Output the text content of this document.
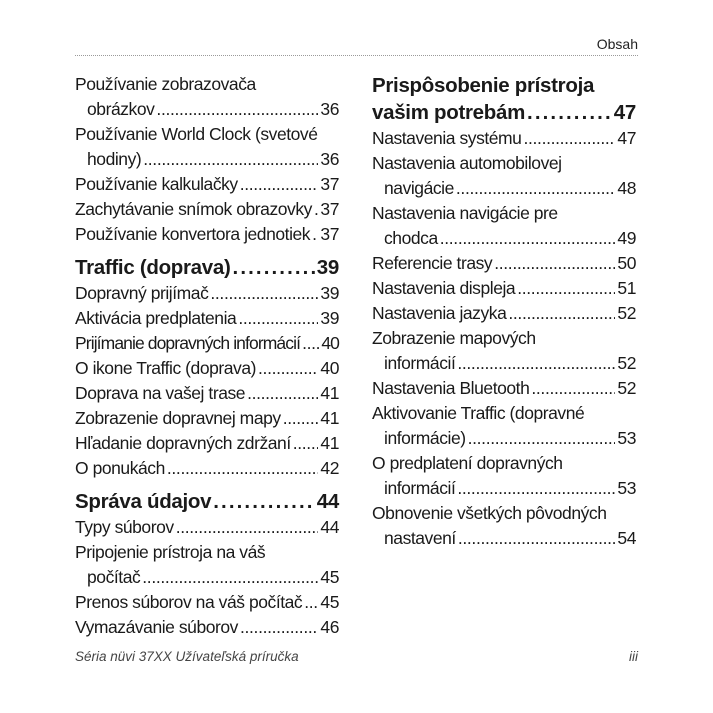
Obsah
Používanie zobrazovača
obrázkov . . .	36
Používanie World Clock (svetové
hodiny) . . .	36
Používanie kalkulačky . . .	37
Zachytávanie snímok obrazovky . . . 37
Používanie konvertora jednotiek . . . 37
Traffic (doprava) . . .	39
Dopravný prijímač . . .	39
Aktivácia predplatenia . . .	39
Prijímanie dopravných informácií . . . 40
O ikone Traffic (doprava) . . .	40
Doprava na vašej trase . . .	41
Zobrazenie dopravnej mapy . . . 41
Hľadanie dopravných zdržaní . . . 41
O ponukách . . .	42
Správa údajov . . .	44
Typy súborov . . .	44
Pripojenie prístroja na váš
počítač . . .	45
Prenos súborov na váš počítač . . . 45
Vymazávanie súborov . . .	46
Prispôsobenie prístroja
vašim potrebám . . .	47
Nastavenia systému . . .	47
Nastavenia automobilovej
navigácie . . .	48
Nastavenia navigácie pre
chodca . . .	49
Referencie trasy . . .	50
Nastavenia displeja . . .	51
Nastavenia jazyka . . .	52
Zobrazenie mapových
informácií . . .	52
Nastavenia Bluetooth . . .	52
Aktivovanie Traffic (dopravné
informácie) . . .	53
O predplatení dopravných
informácií . . .	53
Obnovenie všetkých pôvodných
nastavení . . .	54
Séria nüvi 37XX Užívateľská príručka	iii
